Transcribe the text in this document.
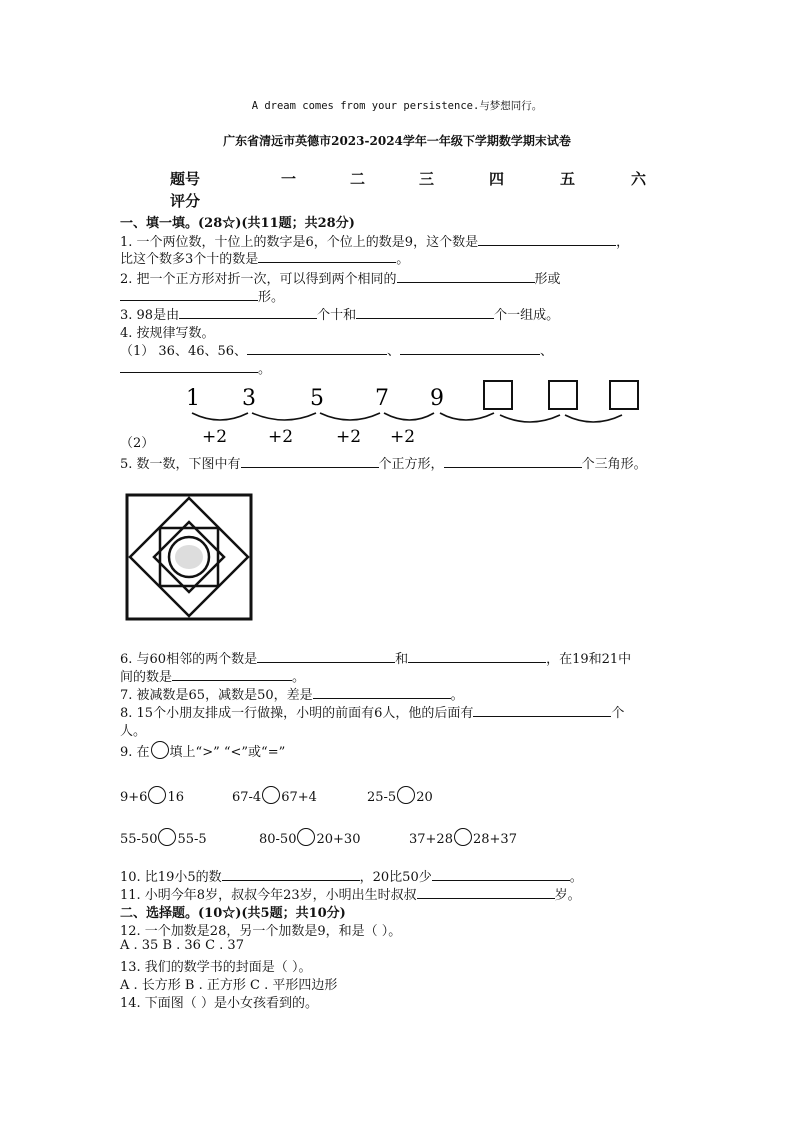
A dream comes from your persistence.与梦想同行。
广东省清远市英德市2023-2024学年一年级下学期数学期末试卷
题号	一	二	三	四	五	六
评分
一、填一填。(28☆)(共11题；共28分)
1. 一个两位数，十位上的数字是6，个位上的数是9，这个数是	，
比这个数多3个十的数是	。
2. 把一个正方形对折一次，可以得到两个相同的	形或
形。
3. 98是由	个十和	个一组成。
4. 按规律写数。
（1） 36、46、56、	、	、
。
（2）
1 3 5 7 9
+2 +2	+2 +2
5. 数一数，下图中有	个正方形，	个三角形。
6. 与60相邻的两个数是	和	，在19和21中
间的数是	。
7. 被减数是65，减数是50，差是	。
8. 15个小朋友排成一行做操，小明的前面有6人，他的后面有	个
人。
9. 在 填上“>” “<”或“=”
9+6 16	67-4 67+4	25-5 20
55-50 55-5	80-50 20+30	37+28 28+37
10. 比19小5的数	，20比50少	。
11. 小明今年8岁，叔叔今年23岁，小明出生时叔叔	岁。
二、选择题。(10☆)(共5题；共10分)
12. 一个加数是28，另一个加数是9，和是（ ）。
A . 35 B . 36 C . 37
13. 我们的数学书的封面是（ ）。
A . 长方形 B . 正方形 C . 平形四边形
14. 下面图（ ）是小女孩看到的。
